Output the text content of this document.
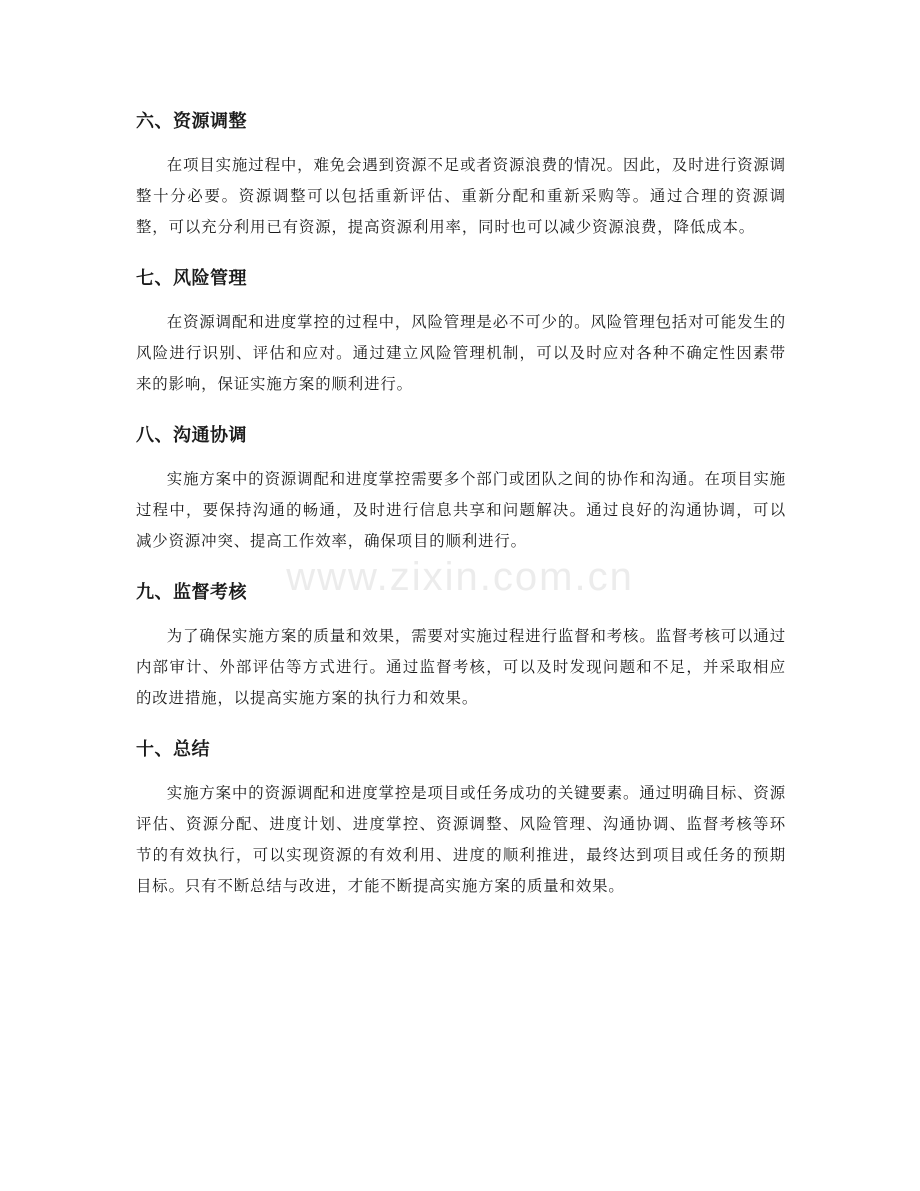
www.zixin.com.cn
六、资源调整

在项目实施过程中，难免会遇到资源不足或者资源浪费的情况。因此，及时进行资源调整十分必要。资源调整可以包括重新评估、重新分配和重新采购等。通过合理的资源调整，可以充分利用已有资源，提高资源利用率，同时也可以减少资源浪费，降低成本。

七、风险管理

在资源调配和进度掌控的过程中，风险管理是必不可少的。风险管理包括对可能发生的风险进行识别、评估和应对。通过建立风险管理机制，可以及时应对各种不确定性因素带来的影响，保证实施方案的顺利进行。

八、沟通协调

实施方案中的资源调配和进度掌控需要多个部门或团队之间的协作和沟通。在项目实施过程中，要保持沟通的畅通，及时进行信息共享和问题解决。通过良好的沟通协调，可以减少资源冲突、提高工作效率，确保项目的顺利进行。

九、监督考核

为了确保实施方案的质量和效果，需要对实施过程进行监督和考核。监督考核可以通过内部审计、外部评估等方式进行。通过监督考核，可以及时发现问题和不足，并采取相应的改进措施，以提高实施方案的执行力和效果。

十、总结

实施方案中的资源调配和进度掌控是项目或任务成功的关键要素。通过明确目标、资源评估、资源分配、进度计划、进度掌控、资源调整、风险管理、沟通协调、监督考核等环节的有效执行，可以实现资源的有效利用、进度的顺利推进，最终达到项目或任务的预期目标。只有不断总结与改进，才能不断提高实施方案的质量和效果。
